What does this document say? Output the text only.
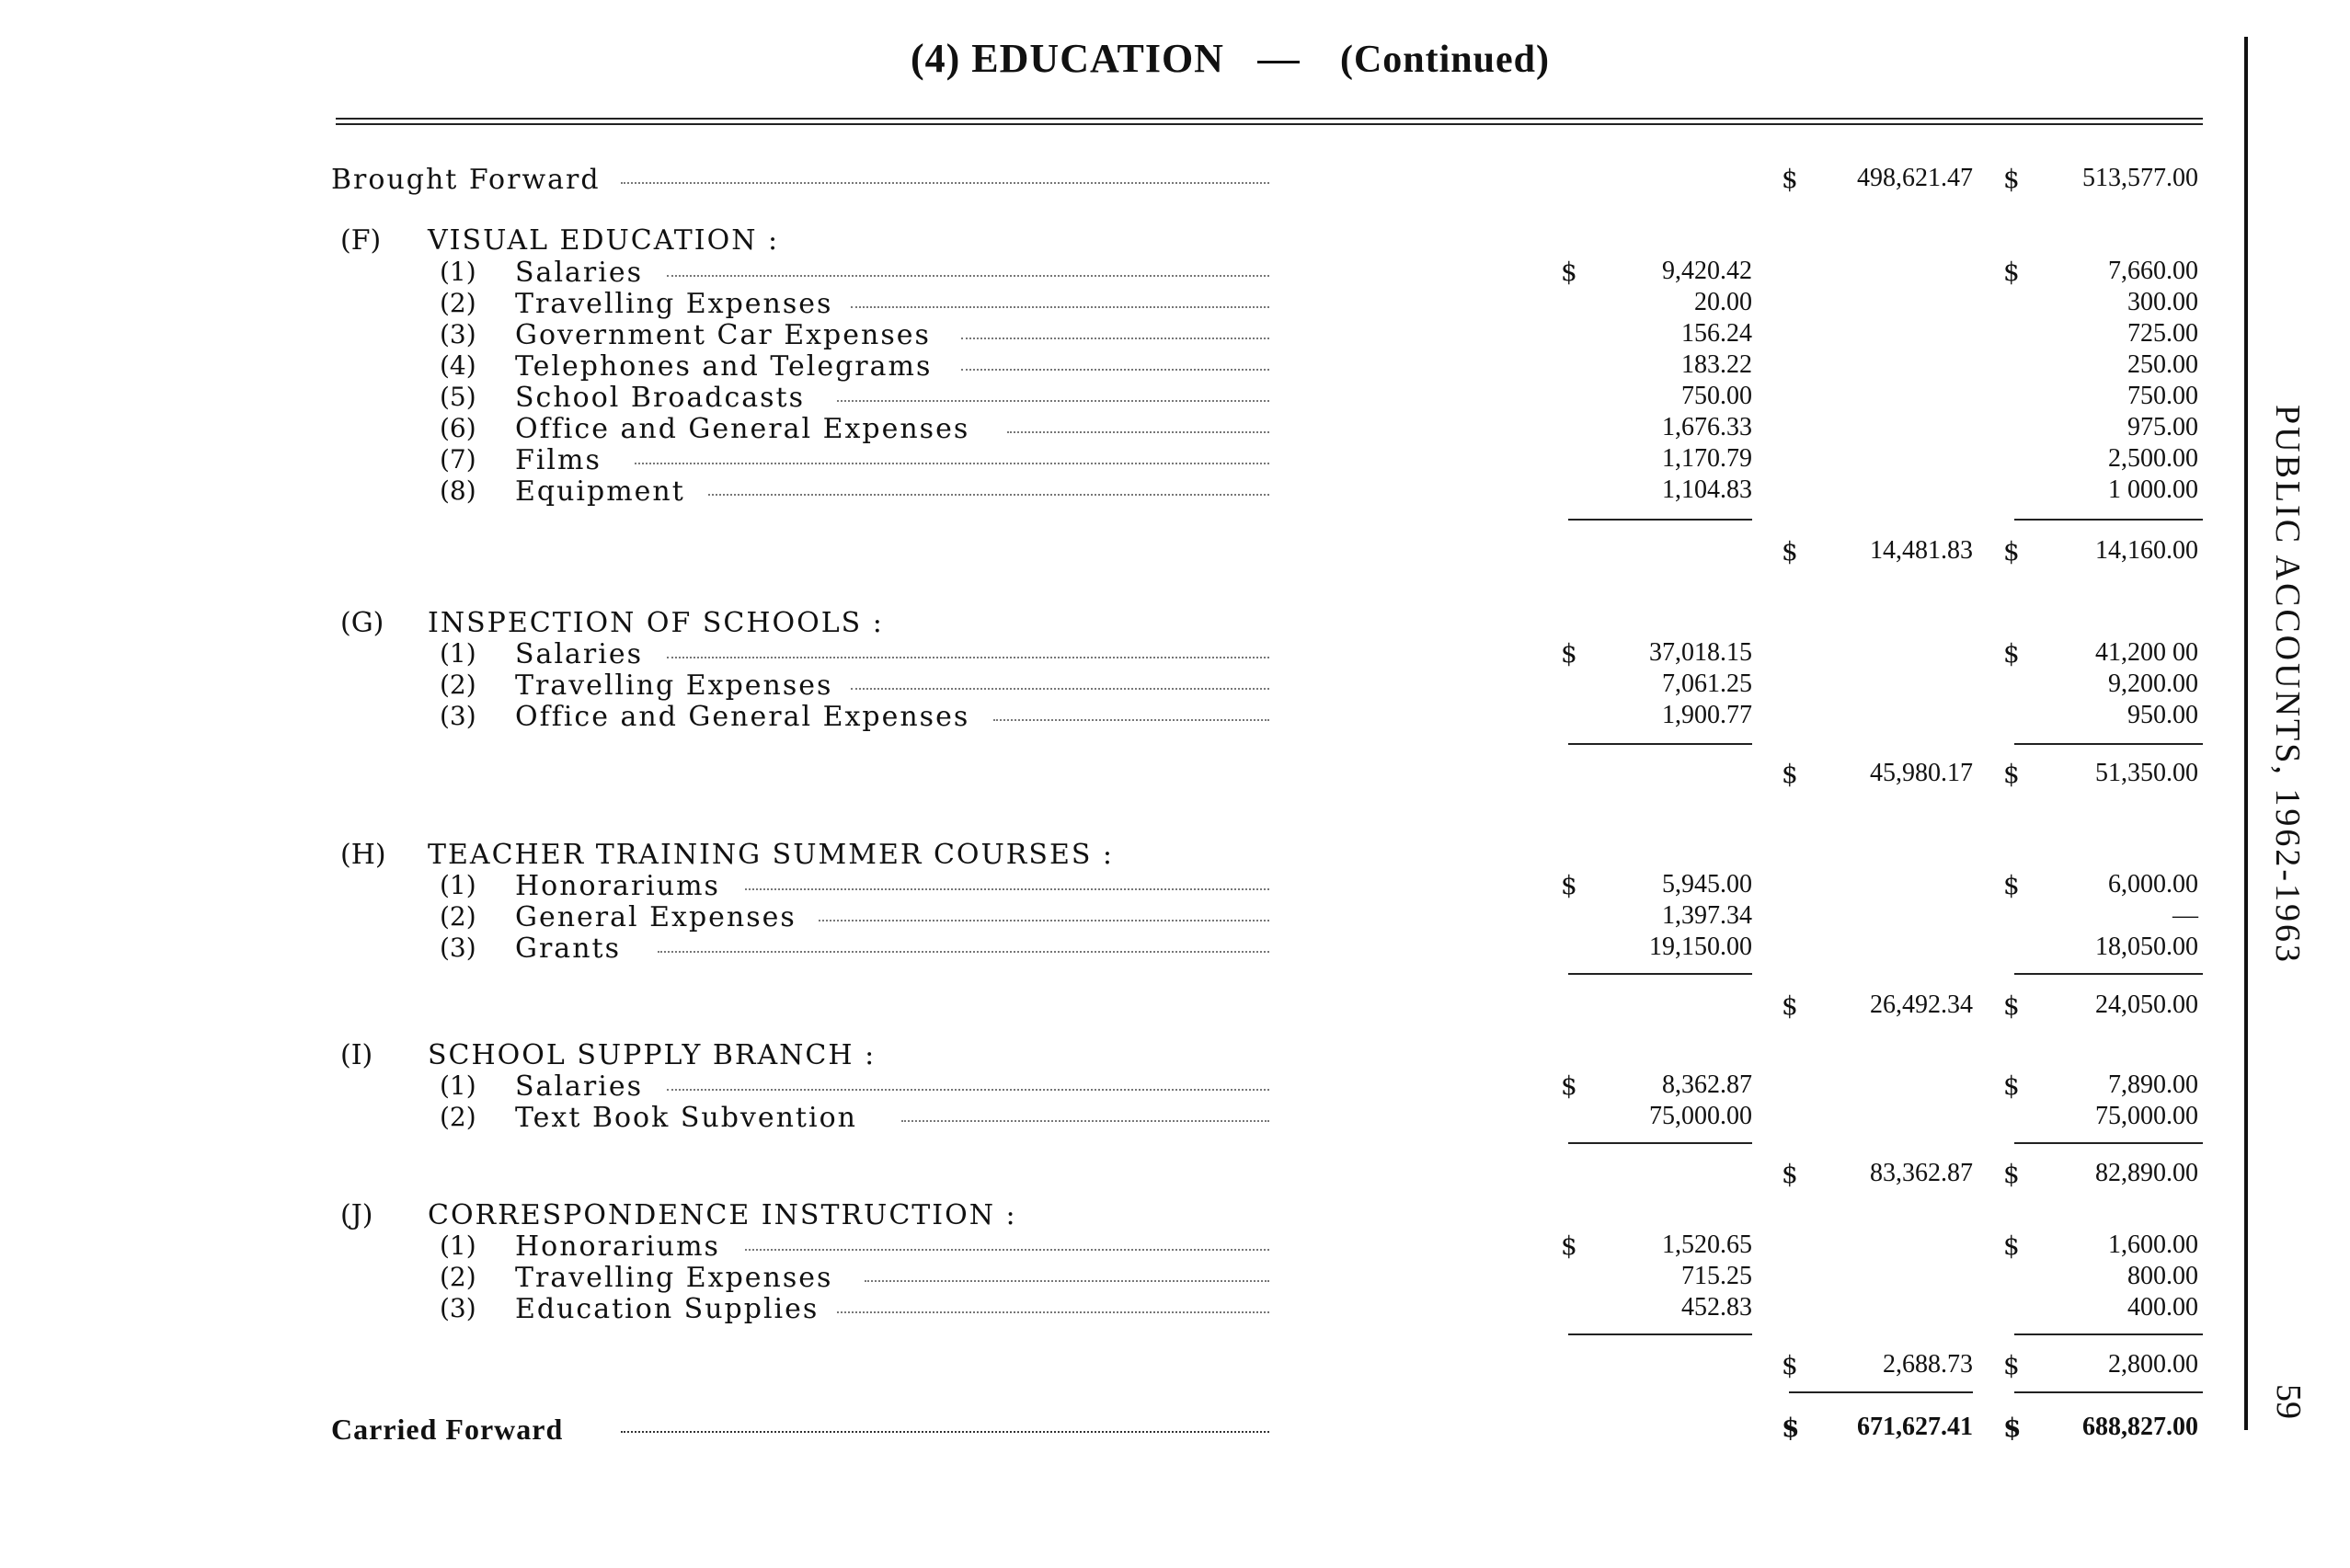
(4) EDUCATION	(Continued)
Brought Forward	$	498,621.47 $	513,577.00
(F) VISUAL EDUCATION :
(1) Salaries	$	9,420.42	$	7,660.00
(2) Travelling Expenses	20.00	300.00
(3) Government Car Expenses	156.24	725.00
(4) Telephones and Telegrams	183.22	250.00
(5) School Broadcasts	750.00	750.00
(6) Office and General Expenses	1,676.33	975.00
(7) Films	1,170.79	2,500.00
(8) Equipment	1,104.83	1 000.00
$	14,481.83 $	14,160.00
(G) INSPECTION OF SCHOOLS :
(1) Salaries	$	37,018.15	$	41,200 00
(2) Travelling Expenses	7,061.25	9,200.00
(3) Office and General Expenses	1,900.77	950.00
$	45,980.17 $	51,350.00
(H) TEACHER TRAINING SUMMER COURSES :
(1) Honorariums	$	5,945.00	$	6,000.00
(2) General Expenses	1,397.34	—
(3) Grants	19,150.00	18,050.00
$	26,492.34 $	24,050.00
(I) SCHOOL SUPPLY BRANCH :
(1) Salaries	$	8,362.87	$	7,890.00
(2) Text Book Subvention	75,000.00	75,000.00
$	83,362.87 $	82,890.00
(J) CORRESPONDENCE INSTRUCTION :
(1) Honorariums	$	1,520.65	$	1,600.00
(2) Travelling Expenses	715.25	800.00
(3) Education Supplies	452.83	400.00
$	2,688.73 $	2,800.00
Carried Forward	$	671,627.41 $	688,827.00
PUBLIC ACCOUNTS, 1962-1963
59
